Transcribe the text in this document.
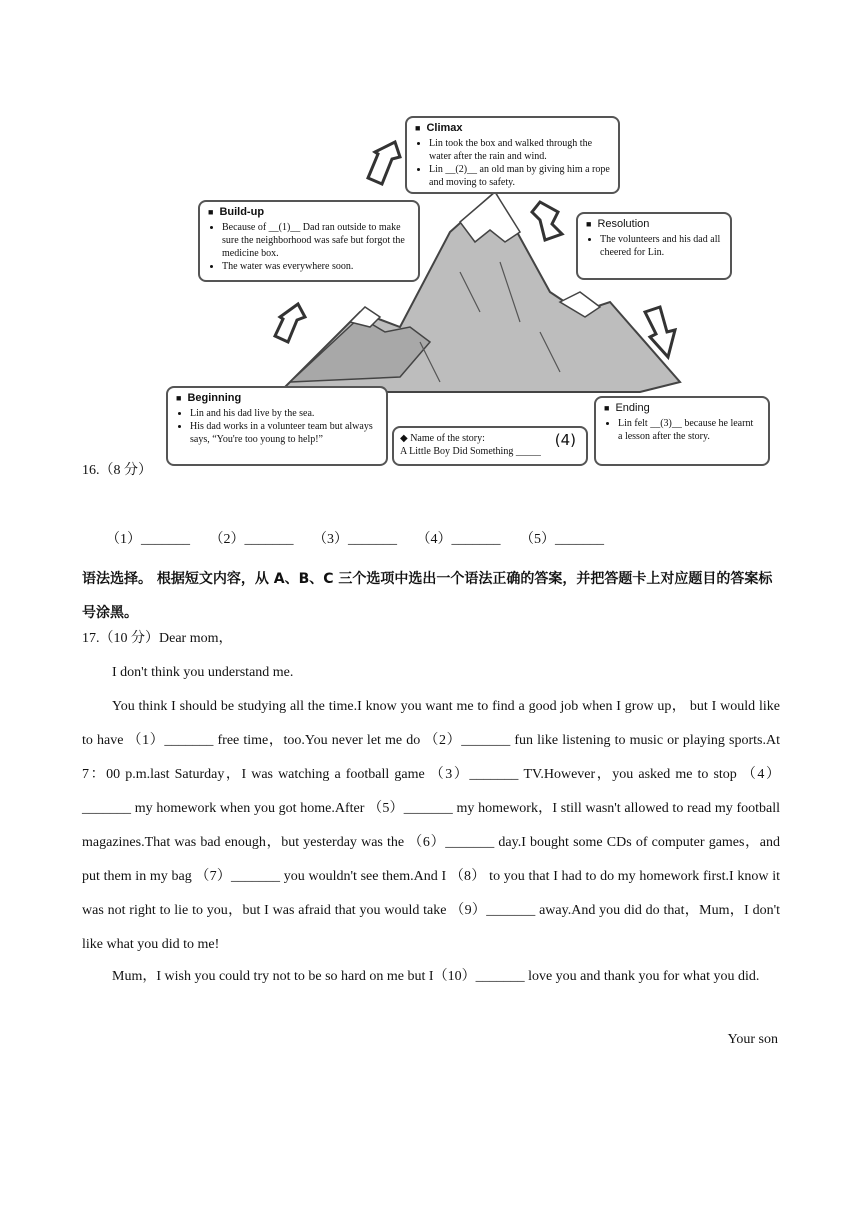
■ Climax
• Lin took the box and walked through the water after the rain and wind.
• Lin __(2)__ an old man by giving him a rope and moving to safety.
■ Build-up
• Because of __(1)__ Dad ran outside to make sure the neighborhood was safe but forgot the medicine box.
• The water was everywhere soon.
■ Resolution
• The volunteers and his dad all cheered for Lin.
■ Beginning
• Lin and his dad live by the sea.
• His dad works in a volunteer team but always says, “You're too young to help!”	◆ Name of the story:
A Little Boy Did Something _____
(4)
■ Ending
• Lin felt __(3)__ because he learnt a lesson after the story.
16.（8 分）
（1）_______ （2）_______ （3）_______ （4）_______ （5）_______
语法选择。 根据短文内容，从 A、B、C 三个选项中选出一个语法正确的答案，并把答题卡上对应题目的答案标号涂黑。
17.（10 分）Dear mom，
I don't think you understand me.
You think I should be studying all the time.I know you want me to find a good job when I grow up， but I would like to have （1）_______ free time，too.You never let me do （2）_______ fun like listening to music or playing sports.At 7：00 p.m.last Saturday，I was watching a football game （3）_______ TV.However，you asked me to stop （4）_______ my homework when you got home.After （5）_______ my homework，I still wasn't allowed to read my football magazines.That was bad enough，but yesterday was the （6）_______ day.I bought some CDs of computer games，and put them in my bag （7）_______ you wouldn't see them.And I （8） to you that I had to do my homework first.I know it was not right to lie to you，but I was afraid that you would take （9）_______ away.And you did do that，Mum，I don't like what you did to me!
Mum，I wish you could try not to be so hard on me but I（10）_______ love you and thank you for what you did.
Your son
